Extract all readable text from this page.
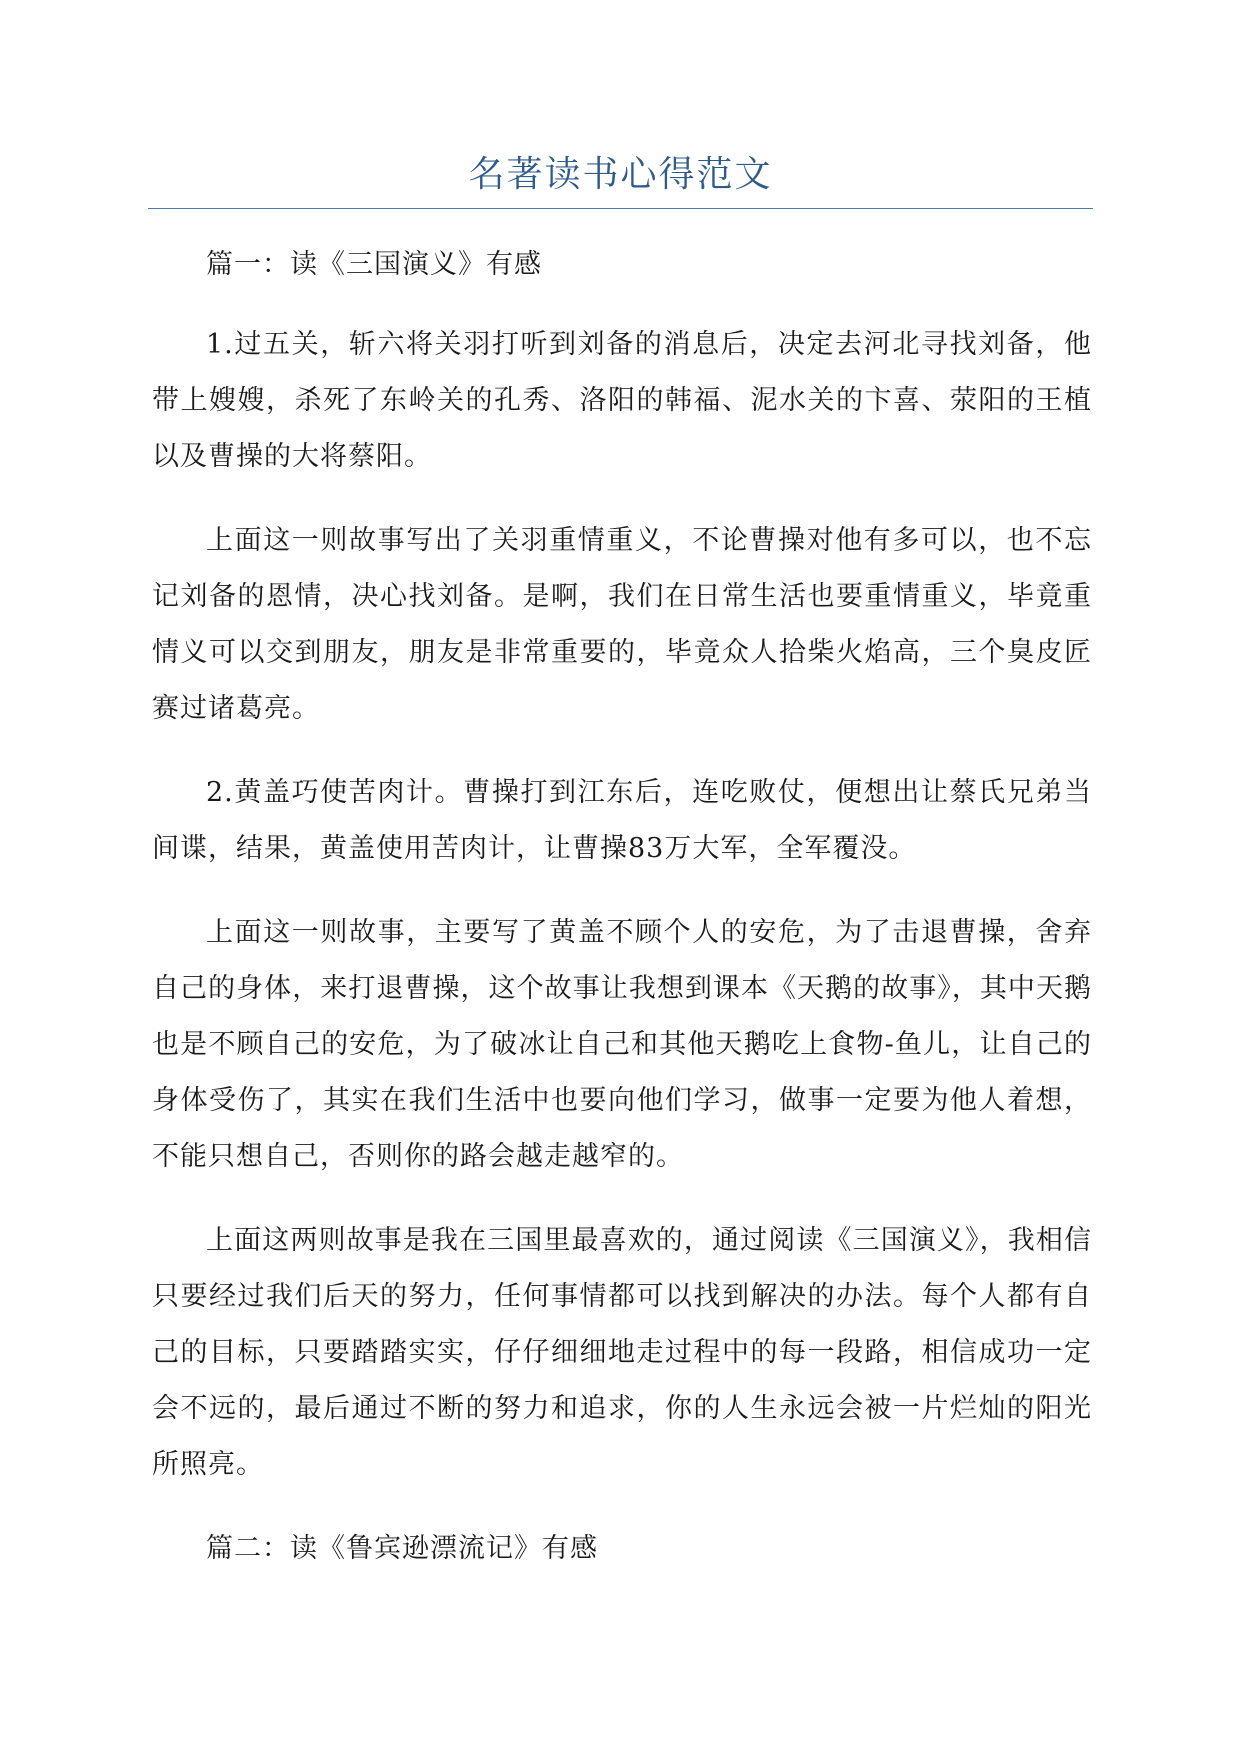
名著读书心得范文

篇一：读《三国演义》有感

1.过五关，斩六将关羽打听到刘备的消息后，决定去河北寻找刘备，他带上嫂嫂，杀死了东岭关的孔秀、洛阳的韩福、泥水关的卞喜、荥阳的王植以及曹操的大将蔡阳。

上面这一则故事写出了关羽重情重义，不论曹操对他有多可以，也不忘记刘备的恩情，决心找刘备。是啊，我们在日常生活也要重情重义，毕竟重情义可以交到朋友，朋友是非常重要的，毕竟众人拾柴火焰高，三个臭皮匠赛过诸葛亮。

2.黄盖巧使苦肉计。曹操打到江东后，连吃败仗，便想出让蔡氏兄弟当间谍，结果，黄盖使用苦肉计，让曹操83万大军，全军覆没。

上面这一则故事，主要写了黄盖不顾个人的安危，为了击退曹操，舍弃自己的身体，来打退曹操，这个故事让我想到课本《天鹅的故事》，其中天鹅也是不顾自己的安危，为了破冰让自己和其他天鹅吃上食物-鱼儿，让自己的身体受伤了，其实在我们生活中也要向他们学习，做事一定要为他人着想，不能只想自己，否则你的路会越走越窄的。

上面这两则故事是我在三国里最喜欢的，通过阅读《三国演义》，我相信只要经过我们后天的努力，任何事情都可以找到解决的办法。每个人都有自己的目标，只要踏踏实实，仔仔细细地走过程中的每一段路，相信成功一定会不远的，最后通过不断的努力和追求，你的人生永远会被一片烂灿的阳光所照亮。

篇二：读《鲁宾逊漂流记》有感
